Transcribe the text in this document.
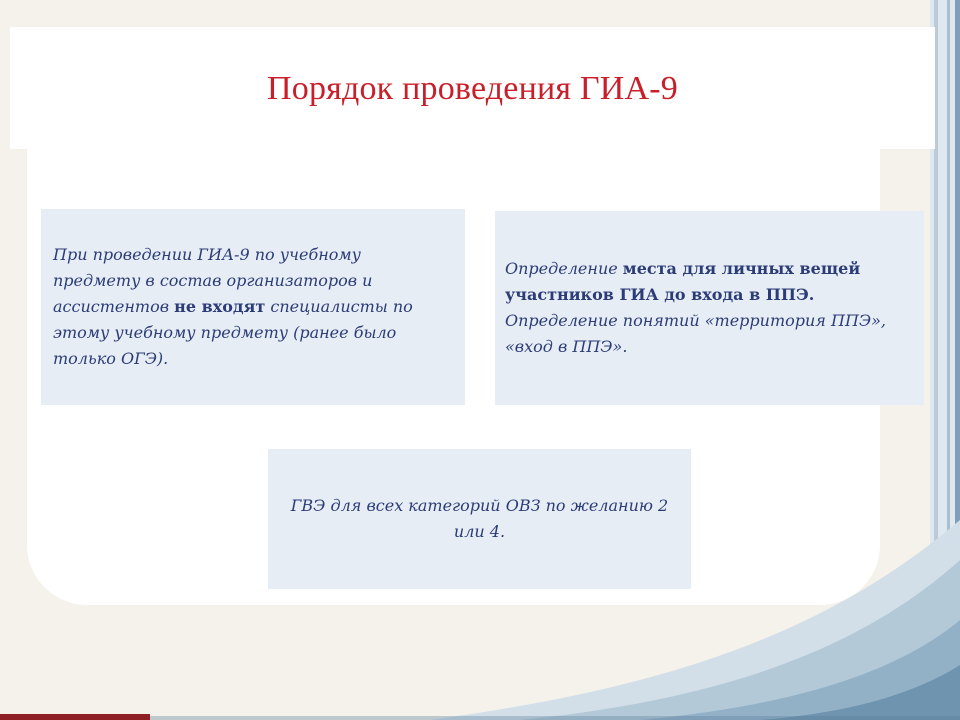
Порядок проведения ГИА-9
При проведении ГИА-9 по учебному предмету в состав организаторов и ассистентов не входят специалисты по этому учебному предмету (ранее было только ОГЭ).
Определение места для личных вещей участников ГИА до входа в ППЭ.
Определение понятий «территория ППЭ», «вход в ППЭ».
ГВЭ для всех категорий ОВЗ по желанию 2 или 4.
